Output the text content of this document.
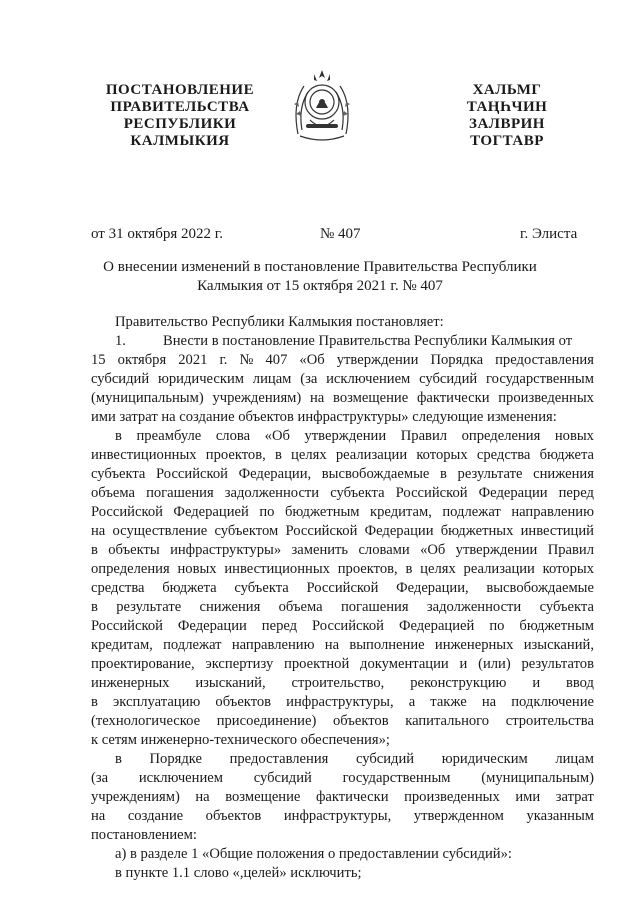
ПОСТАНОВЛЕНИЕ
ПРАВИТЕЛЬСТВА
РЕСПУБЛИКИ
КАЛМЫКИЯ
ХАЛЬМГ
ТАҢҺЧИН
ЗАЛВРИН
ТОГТАВР
от 31 октября 2022 г.	№ 407	г. Элиста
О внесении изменений в постановление Правительства Республики
Калмыкия от 15 октября 2021 г. № 407
Правительство Республики Калмыкия постановляет:
1.	Внести в постановление Правительства Республики Калмыкия от
15 октября 2021 г. № 407 «Об утверждении Порядка предоставления
субсидий юридическим лицам (за исключением субсидий государственным
(муниципальным) учреждениям) на возмещение фактически произведенных
ими затрат на создание объектов инфраструктуры» следующие изменения:
в преамбуле слова «Об утверждении Правил определения новых
инвестиционных проектов, в целях реализации которых средства бюджета
субъекта Российской Федерации, высвобождаемые в результате снижения
объема погашения задолженности субъекта Российской Федерации перед
Российской Федерацией по бюджетным кредитам, подлежат направлению
на осуществление субъектом Российской Федерации бюджетных инвестиций
в объекты инфраструктуры» заменить словами «Об утверждении Правил
определения новых инвестиционных проектов, в целях реализации которых
средства бюджета субъекта Российской Федерации, высвобождаемые
в результате снижения объема погашения задолженности субъекта
Российской Федерации перед Российской Федерацией по бюджетным
кредитам, подлежат направлению на выполнение инженерных изысканий,
проектирование, экспертизу проектной документации и (или) результатов
инженерных изысканий, строительство, реконструкцию и ввод
в эксплуатацию объектов инфраструктуры, а также на подключение
(технологическое присоединение) объектов капитального строительства
к сетям инженерно-технического обеспечения»;
в Порядке предоставления субсидий юридическим лицам
(за исключением субсидий государственным (муниципальным)
учреждениям) на возмещение фактически произведенных ими затрат
на создание объектов инфраструктуры, утвержденном указанным
постановлением:
а) в разделе 1 «Общие положения о предоставлении субсидий»:
в пункте 1.1 слово «,целей» исключить;
